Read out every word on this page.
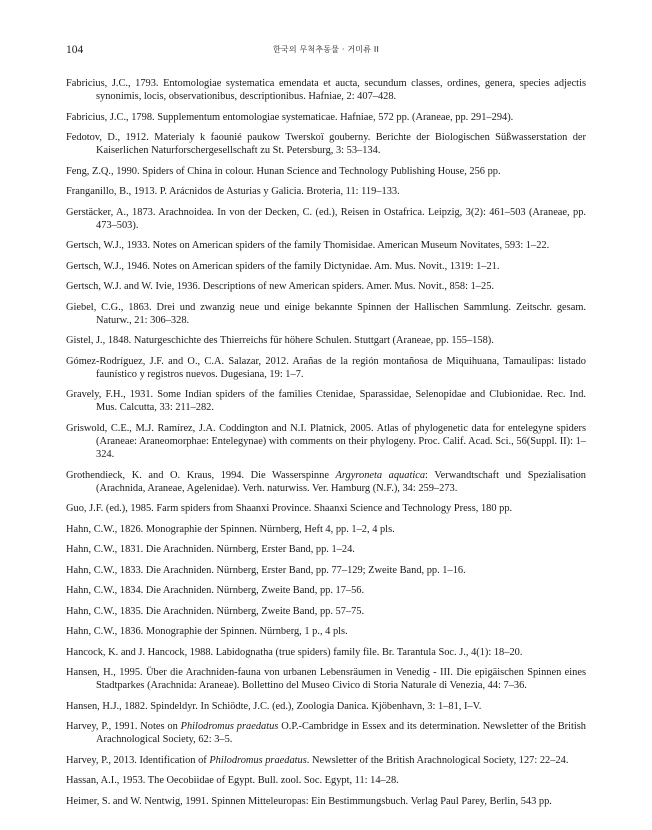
104	한국의 무척추동물 · 거미류 II
Fabricius, J.C., 1793. Entomologiae systematica emendata et aucta, secundum classes, ordines, genera, species adjectis synonimis, locis, observationibus, descriptionibus. Hafniae, 2: 407–428.
Fabricius, J.C., 1798. Supplementum entomologiae systematicae. Hafniae, 572 pp. (Araneae, pp. 291–294).
Fedotov, D., 1912. Materialy k faounié paukow Twerskoï gouberny. Berichte der Biologischen Süßwasserstation der Kaiserlichen Naturforschergesellschaft zu St. Petersburg, 3: 53–134.
Feng, Z.Q., 1990. Spiders of China in colour. Hunan Science and Technology Publishing House, 256 pp.
Franganillo, B., 1913. P. Arácnidos de Asturias y Galicia. Broteria, 11: 119–133.
Gerstäcker, A., 1873. Arachnoidea. In von der Decken, C. (ed.), Reisen in Ostafrica. Leipzig, 3(2): 461–503 (Araneae, pp. 473–503).
Gertsch, W.J., 1933. Notes on American spiders of the family Thomisidae. American Museum Novitates, 593: 1–22.
Gertsch, W.J., 1946. Notes on American spiders of the family Dictynidae. Am. Mus. Novit., 1319: 1–21.
Gertsch, W.J. and W. Ivie, 1936. Descriptions of new American spiders. Amer. Mus. Novit., 858: 1–25.
Giebel, C.G., 1863. Drei und zwanzig neue und einige bekannte Spinnen der Hallischen Sammlung. Zeitschr. gesam. Naturw., 21: 306–328.
Gistel, J., 1848. Naturgeschichte des Thierreichs für höhere Schulen. Stuttgart (Araneae, pp. 155–158).
Gómez-Rodríguez, J.F. and O., C.A. Salazar, 2012. Arañas de la región montañosa de Miquihuana, Tamaulipas: listado faunístico y registros nuevos. Dugesiana, 19: 1–7.
Gravely, F.H., 1931. Some Indian spiders of the families Ctenidae, Sparassidae, Selenopidae and Clubionidae. Rec. Ind. Mus. Calcutta, 33: 211–282.
Griswold, C.E., M.J. Ramírez, J.A. Coddington and N.I. Platnick, 2005. Atlas of phylogenetic data for entelegyne spiders (Araneae: Araneomorphae: Entelegynae) with comments on their phylogeny. Proc. Calif. Acad. Sci., 56(Suppl. II): 1–324.
Grothendieck, K. and O. Kraus, 1994. Die Wasserspinne Argyroneta aquatica: Verwandtschaft und Spezialisation (Arachnida, Araneae, Agelenidae). Verh. naturwiss. Ver. Hamburg (N.F.), 34: 259–273.
Guo, J.F. (ed.), 1985. Farm spiders from Shaanxi Province. Shaanxi Science and Technology Press, 180 pp.
Hahn, C.W., 1826. Monographie der Spinnen. Nürnberg, Heft 4, pp. 1–2, 4 pls.
Hahn, C.W., 1831. Die Arachniden. Nürnberg, Erster Band, pp. 1–24.
Hahn, C.W., 1833. Die Arachniden. Nürnberg, Erster Band, pp. 77–129; Zweite Band, pp. 1–16.
Hahn, C.W., 1834. Die Arachniden. Nürnberg, Zweite Band, pp. 17–56.
Hahn, C.W., 1835. Die Arachniden. Nürnberg, Zweite Band, pp. 57–75.
Hahn, C.W., 1836. Monographie der Spinnen. Nürnberg, 1 p., 4 pls.
Hancock, K. and J. Hancock, 1988. Labidognatha (true spiders) family file. Br. Tarantula Soc. J., 4(1): 18–20.
Hansen, H., 1995. Über die Arachniden-fauna von urbanen Lebensräumen in Venedig - III. Die epigäischen Spinnen eines Stadtparkes (Arachnida: Araneae). Bollettino del Museo Civico di Storia Naturale di Venezia, 44: 7–36.
Hansen, H.J., 1882. Spindeldyr. In Schiödte, J.C. (ed.), Zoologia Danica. Kjöbenhavn, 3: 1–81, I–V.
Harvey, P., 1991. Notes on Philodromus praedatus O.P.-Cambridge in Essex and its determination. Newsletter of the British Arachnological Society, 62: 3–5.
Harvey, P., 2013. Identification of Philodromus praedatus. Newsletter of the British Arachnological Society, 127: 22–24.
Hassan, A.I., 1953. The Oecobiidae of Egypt. Bull. zool. Soc. Egypt, 11: 14–28.
Heimer, S. and W. Nentwig, 1991. Spinnen Mitteleuropas: Ein Bestimmungsbuch. Verlag Paul Parey, Berlin, 543 pp.
